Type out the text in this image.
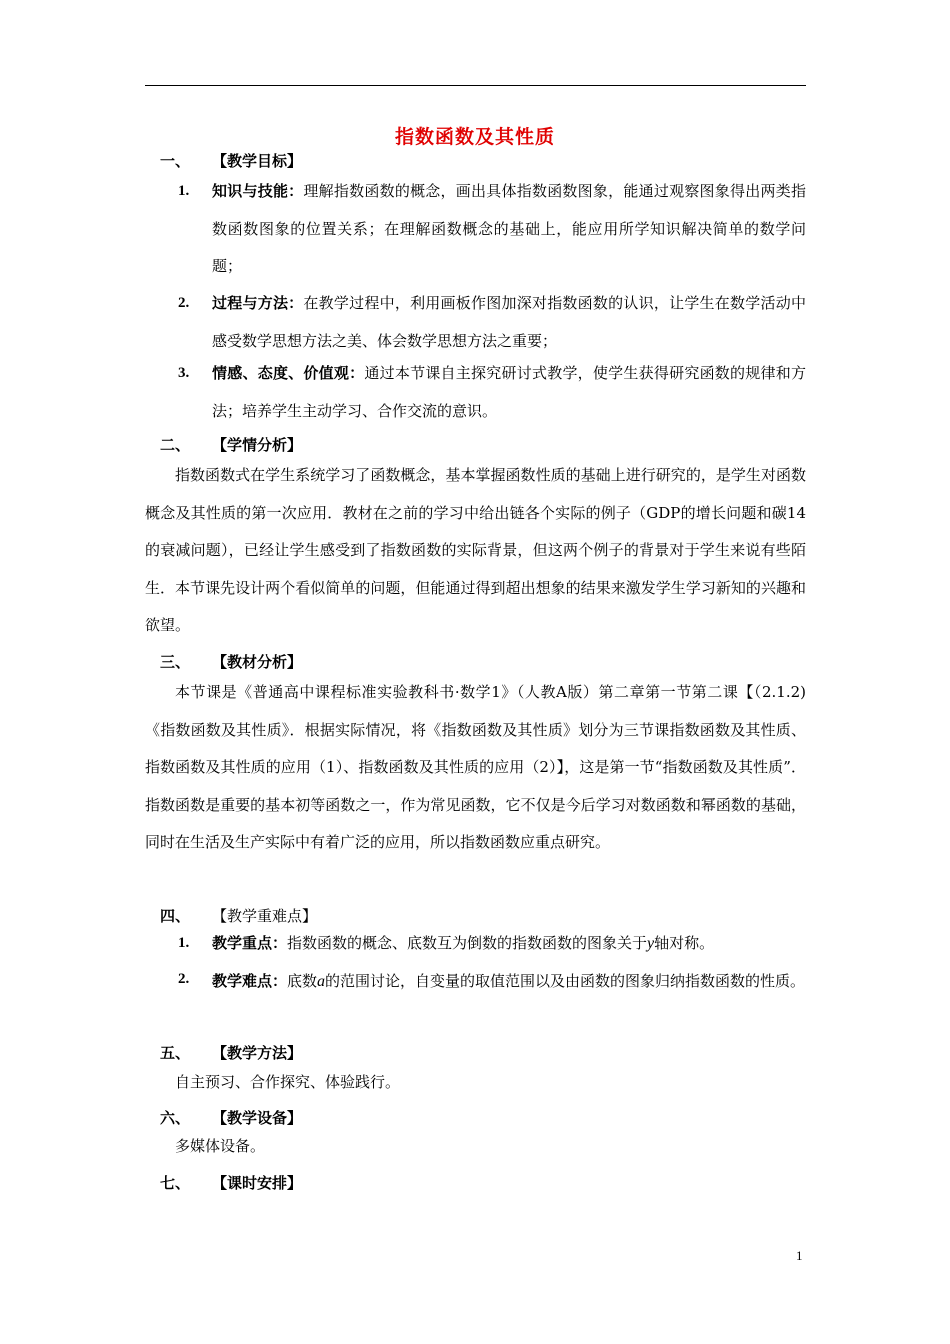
指数函数及其性质
一、 【教学目标】
1. 知识与技能：理解指数函数的概念，画出具体指数函数图象，能通过观察图象得出两类指数函数图象的位置关系；在理解函数概念的基础上，能应用所学知识解决简单的数学问题；
2. 过程与方法：在教学过程中，利用画板作图加深对指数函数的认识，让学生在数学活动中感受数学思想方法之美、体会数学思想方法之重要；
3. 情感、态度、价值观：通过本节课自主探究研讨式教学，使学生获得研究函数的规律和方法；培养学生主动学习、合作交流的意识。
二、 【学情分析】
指数函数式在学生系统学习了函数概念，基本掌握函数性质的基础上进行研究的，是学生对函数概念及其性质的第一次应用．教材在之前的学习中给出链各个实际的例子（GDP的增长问题和碳14的衰减问题），已经让学生感受到了指数函数的实际背景，但这两个例子的背景对于学生来说有些陌生．本节课先设计两个看似简单的问题，但能通过得到超出想象的结果来激发学生学习新知的兴趣和欲望。
三、 【教材分析】
本节课是《普通高中课程标准实验教科书·数学1》（人教A版）第二章第一节第二课【（2.1.2)《指数函数及其性质》．根据实际情况，将《指数函数及其性质》划分为三节课指数函数及其性质、指数函数及其性质的应用（1）、指数函数及其性质的应用（2）】，这是第一节“指数函数及其性质”．指数函数是重要的基本初等函数之一，作为常见函数，它不仅是今后学习对数函数和幂函数的基础，同时在生活及生产实际中有着广泛的应用，所以指数函数应重点研究。
四、 【教学重难点】
1. 教学重点：指数函数的概念、底数互为倒数的指数函数的图象关于y轴对称。
2. 教学难点：底数a的范围讨论，自变量的取值范围以及由函数的图象归纳指数函数的性质。
五、 【教学方法】
自主预习、合作探究、体验践行。
六、 【教学设备】
多媒体设备。
七、 【课时安排】
1
